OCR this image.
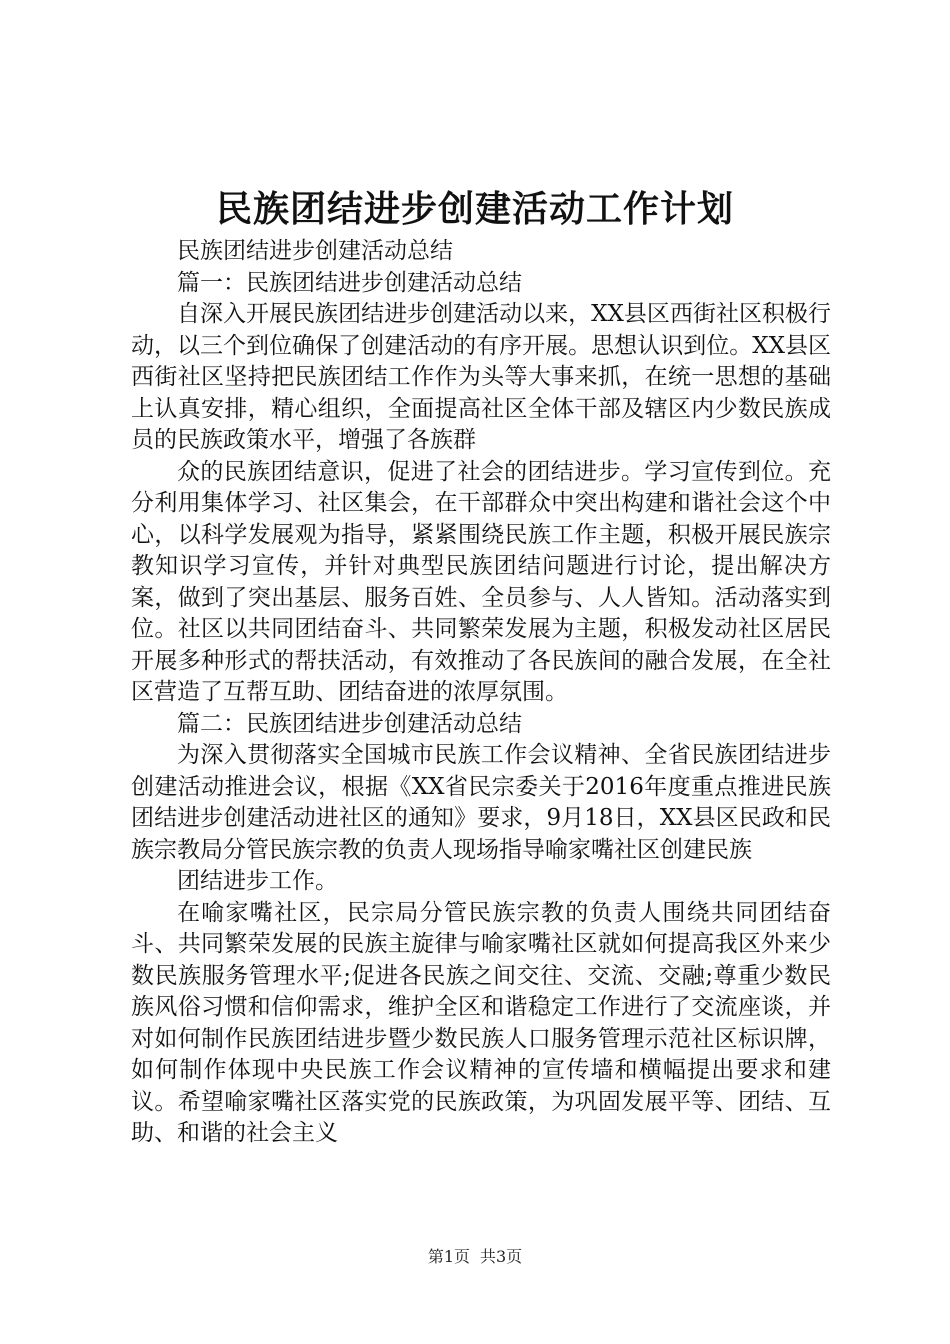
民族团结进步创建活动工作计划

民族团结进步创建活动总结

篇一：民族团结进步创建活动总结

自深入开展民族团结进步创建活动以来，XX县区西街社区积极行动，以三个到位确保了创建活动的有序开展。思想认识到位。XX县区西街社区坚持把民族团结工作作为头等大事来抓，在统一思想的基础上认真安排，精心组织，全面提高社区全体干部及辖区内少数民族成员的民族政策水平，增强了各族群

众的民族团结意识，促进了社会的团结进步。学习宣传到位。充分利用集体学习、社区集会，在干部群众中突出构建和谐社会这个中心，以科学发展观为指导，紧紧围绕民族工作主题，积极开展民族宗教知识学习宣传，并针对典型民族团结问题进行讨论，提出解决方案，做到了突出基层、服务百姓、全员参与、人人皆知。活动落实到位。社区以共同团结奋斗、共同繁荣发展为主题，积极发动社区居民开展多种形式的帮扶活动，有效推动了各民族间的融合发展，在全社区营造了互帮互助、团结奋进的浓厚氛围。

篇二：民族团结进步创建活动总结

为深入贯彻落实全国城市民族工作会议精神、全省民族团结进步创建活动推进会议，根据《XX省民宗委关于2016年度重点推进民族团结进步创建活动进社区的通知》要求，9月18日，XX县区民政和民族宗教局分管民族宗教的负责人现场指导喻家嘴社区创建民族

团结进步工作。

在喻家嘴社区，民宗局分管民族宗教的负责人围绕共同团结奋斗、共同繁荣发展的民族主旋律与喻家嘴社区就如何提高我区外来少数民族服务管理水平;促进各民族之间交往、交流、交融;尊重少数民族风俗习惯和信仰需求，维护全区和谐稳定工作进行了交流座谈，并对如何制作民族团结进步暨少数民族人口服务管理示范社区标识牌，如何制作体现中央民族工作会议精神的宣传墙和横幅提出要求和建议。希望喻家嘴社区落实党的民族政策，为巩固发展平等、团结、互助、和谐的社会主义

第1页 共3页
